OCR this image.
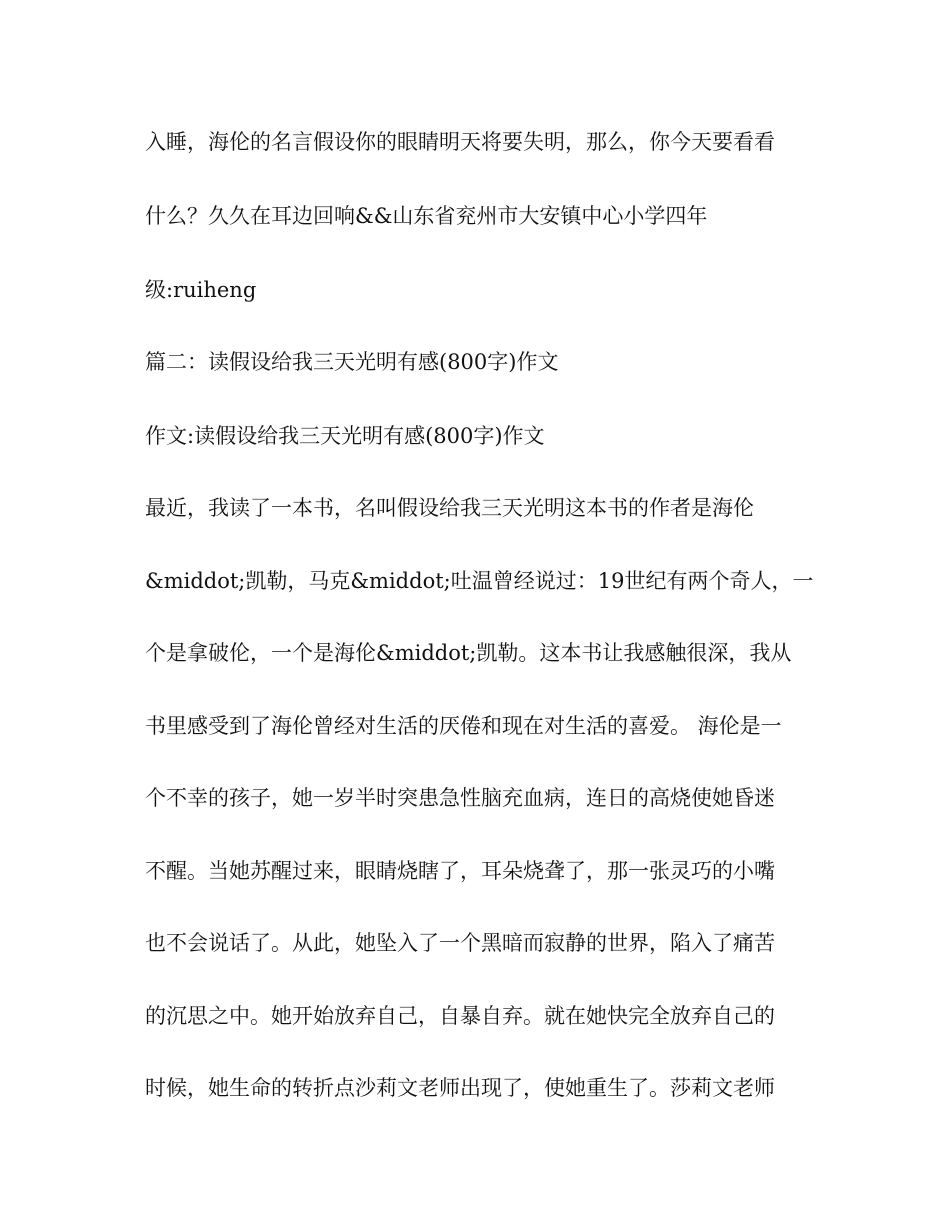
入睡，海伦的名言假设你的眼睛明天将要失明，那么，你今天要看看
什么？久久在耳边回响&&山东省兖州市大安镇中心小学四年
级:ruiheng
篇二：读假设给我三天光明有感(800字)作文
作文:读假设给我三天光明有感(800字)作文
最近，我读了一本书，名叫假设给我三天光明这本书的作者是海伦
&middot;凯勒，马克&middot;吐温曾经说过：19世纪有两个奇人，一
个是拿破伦，一个是海伦&middot;凯勒。这本书让我感触很深，我从
书里感受到了海伦曾经对生活的厌倦和现在对生活的喜爱。 海伦是一
个不幸的孩子，她一岁半时突患急性脑充血病，连日的高烧使她昏迷
不醒。当她苏醒过来，眼睛烧瞎了，耳朵烧聋了，那一张灵巧的小嘴
也不会说话了。从此，她坠入了一个黑暗而寂静的世界，陷入了痛苦
的沉思之中。她开始放弃自己，自暴自弃。就在她快完全放弃自己的
时候，她生命的转折点沙莉文老师出现了，使她重生了。莎莉文老师
